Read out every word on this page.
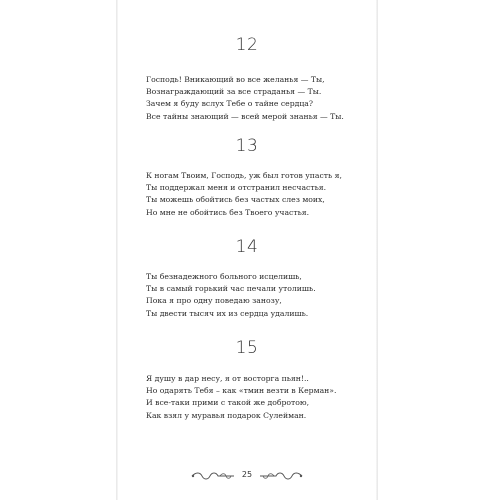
12
Господь! Вникающий во все желанья — Ты,
Вознаграждающий за все страданья — Ты.
Зачем я буду вслух Тебе о тайне сердца?
Все тайны знающий — всей мерой знанья — Ты.
13
К ногам Твоим, Господь, уж был готов упасть я,
Ты поддержал меня и отстранил несчастья.
Ты можешь обойтись без частых слез моих,
Но мне не обойтись без Твоего участья.
14
Ты безнадежного больного исцелишь,
Ты в самый горький час печали утолишь.
Пока я про одну поведаю занозу,
Ты двести тысяч их из сердца удалишь.
15
Я душу в дар несу, я от восторга пьян!..
Но одарять Тебя – как «тмин везти в Керман».
И все-таки прими с такой же добротою,
Как взял у муравья подарок Сулейман.
25
